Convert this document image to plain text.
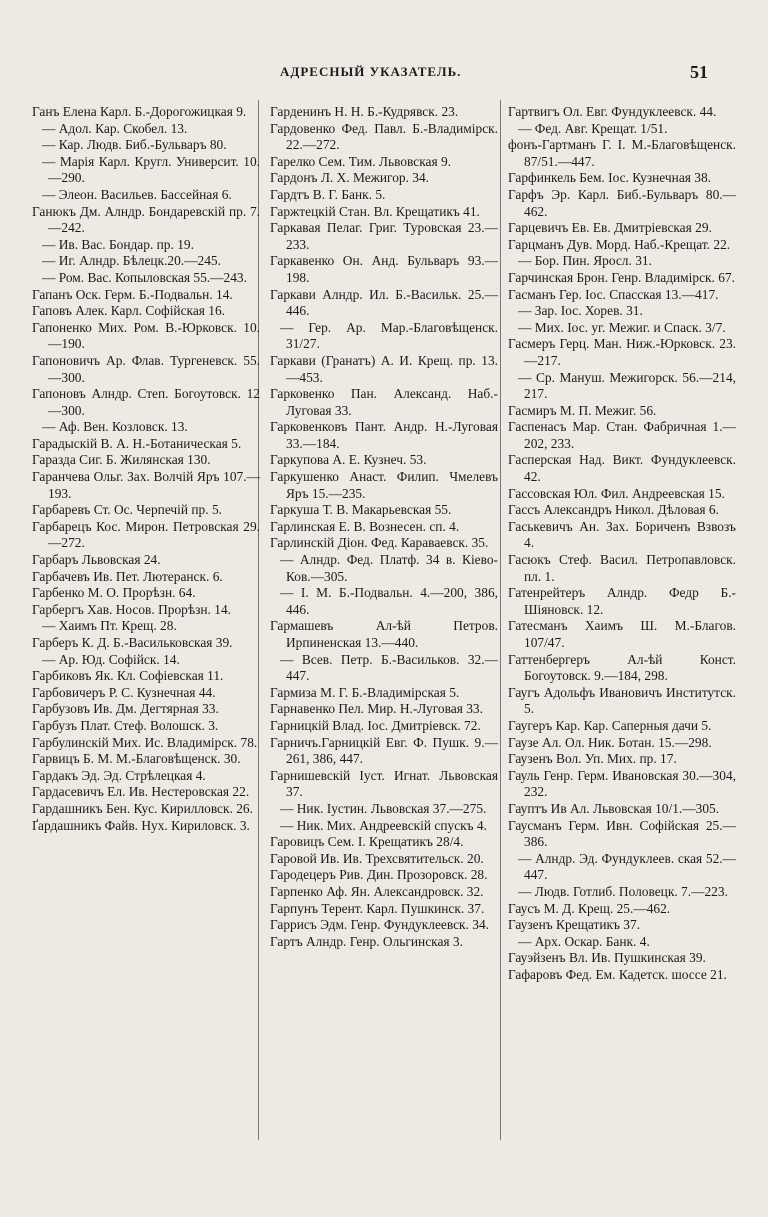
АДРЕСНЫЙ УКАЗАТЕЛЬ.	51
Ганъ Елена Карл. Б.-Дорогожицкая 9.
— Адол. Кар. Скобел. 13.
— Кар. Людв. Биб.-Бульваръ 80.
— Марія Карл. Кругл. Университ. 10.—290.
— Элеон. Васильев. Бассейная 6.
Ганюкъ Дм. Алндр. Бондаревскій пр. 7.—242.
— Ив. Вас. Бондар. пр. 19.
— Иг. Алндр. Бѣлецк.20.—245.
— Ром. Вас. Копыловская 55.—243.
Гапанъ Оск. Герм. Б.-Подвальн. 14.
Гаповъ Алек. Карл. Софійская 16.
Гапоненко Мих. Ром. В.-Юрковск. 10.—190.
Гапоновичъ Ар. Флав. Тургеневск. 55.—300.
Гапоновъ Алндр. Степ. Богоутовск. 12—300.
— Аф. Вен. Козловск. 13.
Гарадыскій В. А. Н.-Ботаническая 5.
Гаразда Сиг. Б. Жилянская 130.
Гаранчева Ольг. Зах. Волчій Яръ 107.—193.
Гарбаревъ Ст. Ос. Черпечій пр. 5.
Гарбарецъ Кос. Мирон. Петровская 29.—272.
Гарбаръ Львовская 24.
Гарбачевъ Ив. Пет. Лютеранск. 6.
Гарбенко М. О. Прорѣзн. 64.
Гарбергъ Хав. Носов. Прорѣзн. 14.
— Хаимъ Пт. Крещ. 28.
Гарберъ К. Д. Б.-Васильковская 39.
— Ар. Юд. Софійск. 14.
Гарбиковъ Як. Кл. Софіевская 11.
Гарбовичеръ Р. С. Кузнечная 44.
Гарбузовъ Ив. Дм. Дегтярная 33.
Гарбузъ Плат. Стеф. Волошск. 3.
Гарбулинскій Мих. Ис. Владимірск. 78.
Гарвицъ Б. М. М.-Благовѣщенск. 30.
Гардакъ Эд. Эд. Стрѣлецкая 4.
Гардасевичъ Ел. Ив. Нестеровская 22.
Гардашникъ Бен. Кус. Кирилловск. 26.
Ґардашникъ Файв. Нух. Кириловск. 3.
Гарденинъ Н. Н. Б.-Кудрявск. 23.
Гардовенко Фед. Павл. Б.-Владимірск. 22.—272.
Гарелко Сем. Тим. Львовская 9.
Гардонъ Л. Х. Межигор. 34.
Гардтъ В. Г. Банк. 5.
Гаржтецкій Стан. Вл. Крещатикъ 41.
Гаркавая Пелаг. Григ. Туровская 23.—233.
Гаркавенко Он. Анд. Бульваръ 93.—198.
Гаркави Алндр. Ил. Б.-Васильк. 25.—446.
— Гер. Ар. Мар.-Благовѣщенск. 31/27.
Гаркави (Гранатъ) А. И. Крещ. пр. 13.—453.
Гарковенко Пан. Александ. Наб.-Луговая 33.
Гарковенковъ Пант. Андр. Н.-Луговая 33.—184.
Гаркупова А. Е. Кузнеч. 53.
Гаркушенко Анаст. Филип. Чмелевъ Яръ 15.—235.
Гаркуша Т. В. Макарьевская 55.
Гарлинская Е. В. Вознесен. сп. 4.
Гарлинскій Діон. Фед. Караваевск. 35.
— Алндр. Фед. Платф. 34 в. Кіево-Ков.—305.
— I. М. Б.-Подвальн. 4.—200, 386, 446.
Гармашевъ Ал-ѣй Петров. Ирпиненская 13.—440.
— Всев. Петр. Б.-Васильков. 32.—447.
Гармиза М. Г. Б.-Владимірская 5.
Гарнавенко Пел. Мир. Н.-Луговая 33.
Гарницкій Влад. Іос. Дмитріевск. 72.
Гарничъ.Гарницкій Евг. Ф. Пушк. 9.—261, 386, 447.
Гарнишевскій Iуст. Игнат. Львовская 37.
— Ник. Iустин. Львовская 37.—275.
— Ник. Мих. Андреевскій спускъ 4.
Гаровицъ Сем. I. Крещатикъ 28/4.
Гаровой Ив. Ив. Трехсвятительск. 20.
Гародецеръ Рив. Дин. Прозоровск. 28.
Гарпенко Аф. Ян. Александровск. 32.
Гарпунъ Терент. Карл. Пушкинск. 37.
Гаррисъ Эдм. Генр. Фундуклеевск. 34.
Гартъ Алндр. Генр. Ольгинская 3.
Гартвигъ Ол. Евг. Фундуклеевск. 44.
— Фед. Авг. Крещат. 1/51.
фонъ-Гартманъ Г. I. М.-Благовѣщенск. 87/51.—447.
Гарфинкель Бем. Iос. Кузнечная 38.
Гарфъ Эр. Карл. Биб.-Бульваръ 80.—462.
Гарцевичъ Ев. Ев. Дмитріевская 29.
Гарцманъ Дув. Морд. Наб.-Крещат. 22.
— Бор. Пин. Яросл. 31.
Гарчинская Брон. Генр. Владимірск. 67.
Гасманъ Гер. Iос. Спасская 13.—417.
— Зар. Iос. Хорев. 31.
— Мих. Iос. уг. Межиг. и Спаск. 3/7.
Гасмеръ Герц. Ман. Ниж.-Юрковск. 23.—217.
— Ср. Мануш. Межигорск. 56.—214, 217.
Гасмиръ М. П. Межиг. 56.
Гаспенасъ Мар. Стан. Фабричная 1.—202, 233.
Гасперская Над. Викт. Фундуклеевск. 42.
Гассовская Юл. Фил. Андреевская 15.
Гассъ Александръ Никол. Дѣловая 6.
Гаськевичъ Ан. Зах. Бориченъ Взвозъ 4.
Гасюкъ Стеф. Васил. Петропавловск. пл. 1.
Гатенрейтеръ Алндр. Федр Б.-Шіяновск. 12.
Гатесманъ Хаимъ Ш. М.-Благов. 107/47.
Гаттенбергеръ Ал-ѣй Конст. Богоутовск. 9.—184, 298.
Гаугъ Адольфъ Ивановичъ Институтск. 5.
Гаугеръ Кар. Кар. Саперныя дачи 5.
Гаузе Ал. Ол. Ник. Ботан. 15.—298.
Гаузенъ Вол. Уп. Мих. пр. 17.
Гауль Генр. Герм. Ивановская 30.—304, 232.
Гауптъ Ив Ал. Львовская 10/1.—305.
Гаусманъ Герм. Ивн. Софійская 25.—386.
— Алндр. Эд. Фундуклеев. ская 52.—447.
— Людв. Готлиб. Половецк. 7.—223.
Гаусъ М. Д. Крещ. 25.—462.
Гаузенъ Крещатикъ 37.
— Арх. Оскар. Банк. 4.
Гауэйзенъ Вл. Ив. Пушкинская 39.
Гафаровъ Фед. Ем. Кадетск. шоссе 21.
